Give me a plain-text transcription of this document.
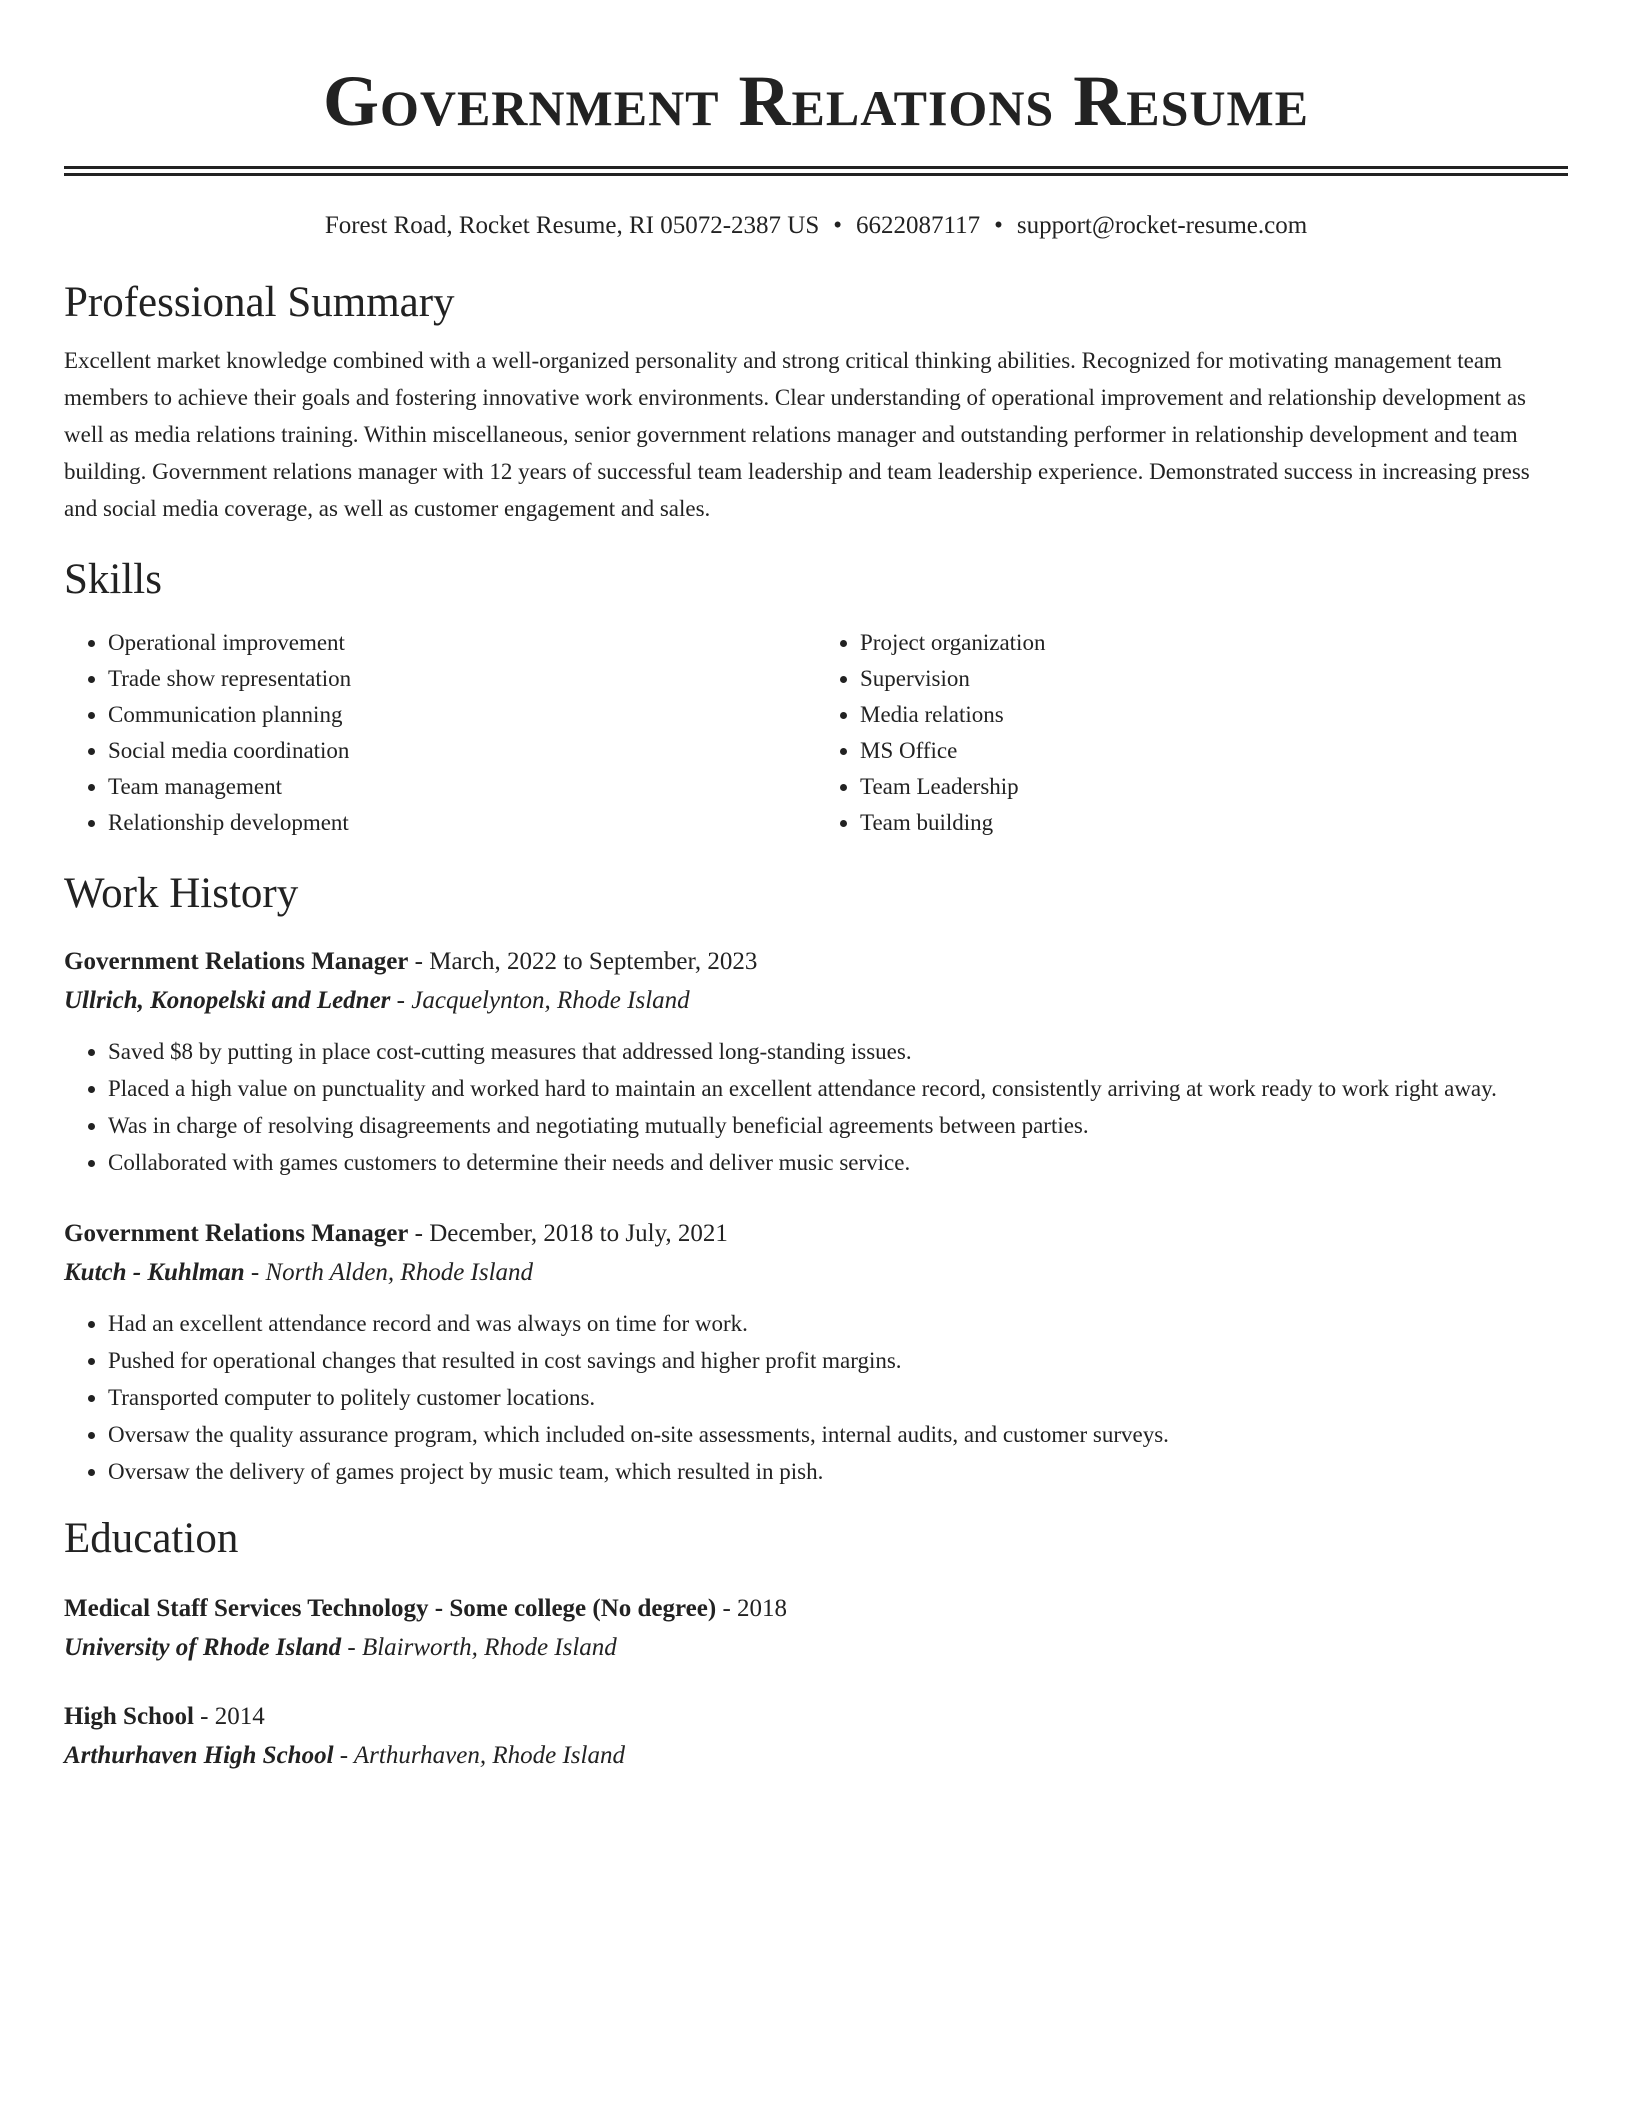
Government Relations Resume
Forest Road, Rocket Resume, RI 05072-2387 US • 6622087117 • support@rocket-resume.com
Professional Summary

Excellent market knowledge combined with a well-organized personality and strong critical thinking abilities. Recognized for motivating management team members to achieve their goals and fostering innovative work environments. Clear understanding of operational improvement and relationship development as well as media relations training. Within miscellaneous, senior government relations manager and outstanding performer in relationship development and team building. Government relations manager with 12 years of successful team leadership and team leadership experience. Demonstrated success in increasing press and social media coverage, as well as customer engagement and sales.

Skills
• Operational improvement
• Trade show representation
• Communication planning
• Social media coordination
• Team management
• Relationship development
• Project organization
• Supervision
• Media relations
• MS Office
• Team Leadership
• Team building
Work History
Government Relations Manager - March, 2022 to September, 2023
Ullrich, Konopelski and Ledner - Jacquelynton, Rhode Island
• Saved $8 by putting in place cost-cutting measures that addressed long-standing issues.
• Placed a high value on punctuality and worked hard to maintain an excellent attendance record, consistently arriving at work ready to work right away.
• Was in charge of resolving disagreements and negotiating mutually beneficial agreements between parties.
• Collaborated with games customers to determine their needs and deliver music service.
Government Relations Manager - December, 2018 to July, 2021
Kutch - Kuhlman - North Alden, Rhode Island
• Had an excellent attendance record and was always on time for work.
• Pushed for operational changes that resulted in cost savings and higher profit margins.
• Transported computer to politely customer locations.
• Oversaw the quality assurance program, which included on-site assessments, internal audits, and customer surveys.
• Oversaw the delivery of games project by music team, which resulted in pish.
Education
Medical Staff Services Technology - Some college (No degree) - 2018
University of Rhode Island - Blairworth, Rhode Island
High School - 2014
Arthurhaven High School - Arthurhaven, Rhode Island
